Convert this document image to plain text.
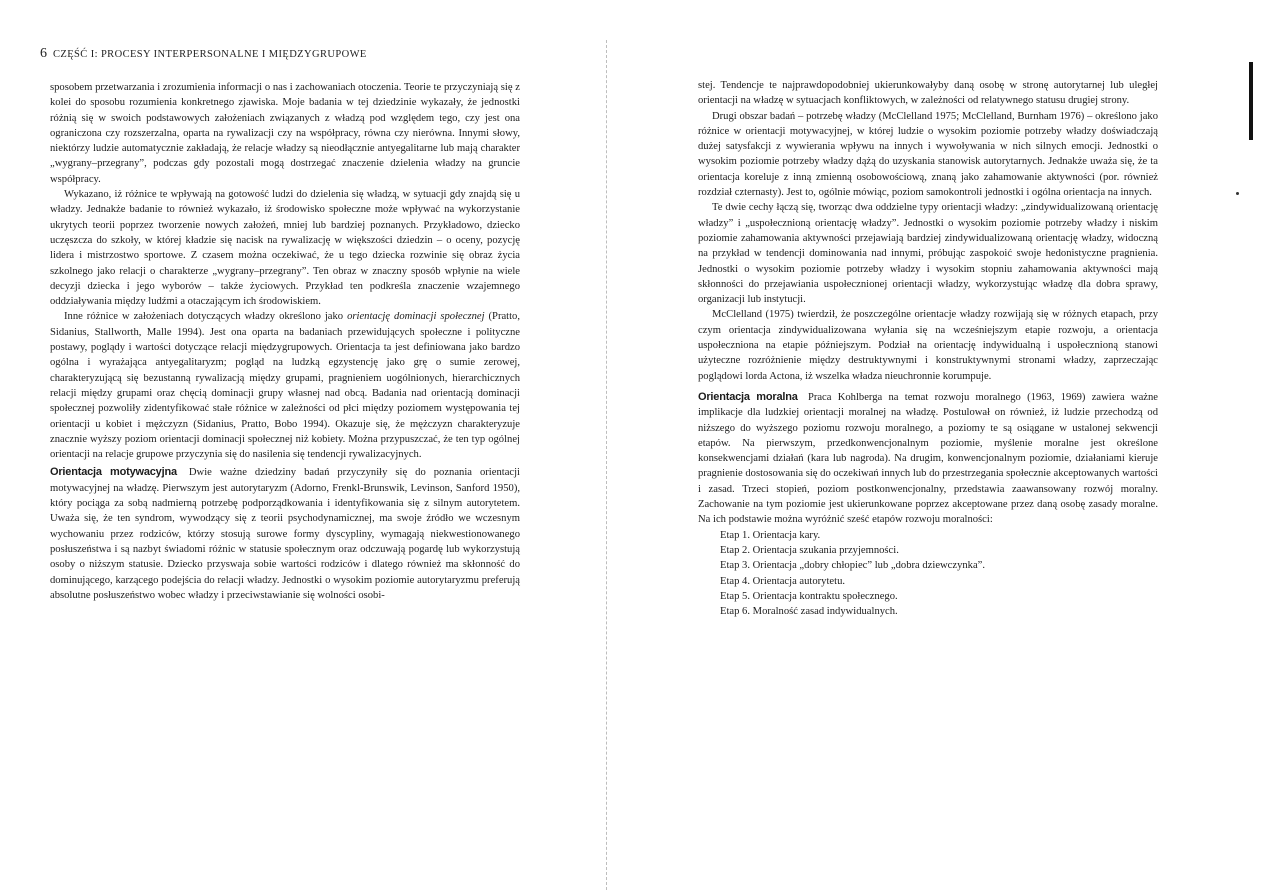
6 CZĘŚĆ I: PROCESY INTERPERSONALNE I MIĘDZYGRUPOWE

sposobem przetwarzania i zrozumienia informacji o nas i zachowaniach otoczenia. Teorie te przyczyniają się z kolei do sposobu rozumienia konkretnego zjawiska. Moje badania w tej dziedzinie wykazały, że jednostki różnią się w swoich podstawowych założeniach związanych z władzą pod względem tego, czy jest ona ograniczona czy rozszerzalna, oparta na rywalizacji czy na współpracy, równa czy nierówna. Innymi słowy, niektórzy ludzie automatycznie zakładają, że relacje władzy są nieodłącznie antyegalitarne lub mają charakter „wygrany–przegrany”, podczas gdy pozostali mogą dostrzegać znaczenie dzielenia władzy na gruncie współpracy.

Wykazano, iż różnice te wpływają na gotowość ludzi do dzielenia się władzą, w sytuacji gdy znajdą się u władzy. Jednakże badanie to również wykazało, iż środowisko społeczne może wpływać na wykorzystanie ukrytych teorii poprzez tworzenie nowych założeń, mniej lub bardziej poznanych. Przykładowo, dziecko uczęszcza do szkoły, w której kładzie się nacisk na rywalizację w większości dziedzin – o oceny, pozycję lidera i mistrzostwo sportowe. Z czasem można oczekiwać, że u tego dziecka rozwinie się obraz życia szkolnego jako relacji o charakterze „wygrany–przegrany”. Ten obraz w znaczny sposób wpłynie na wiele decyzji dziecka i jego wyborów – także życiowych. Przykład ten podkreśla znaczenie wzajemnego oddziaływania między ludźmi a otaczającym ich środowiskiem.

Inne różnice w założeniach dotyczących władzy określono jako orientację dominacji społecznej (Pratto, Sidanius, Stallworth, Malle 1994). Jest ona oparta na badaniach przewidujących społeczne i polityczne postawy, poglądy i wartości dotyczące relacji międzygrupowych. Orientacja ta jest definiowana jako bardzo ogólna i wyrażająca antyegalitaryzm; pogląd na ludzką egzystencję jako grę o sumie zerowej, charakteryzującą się bezustanną rywalizacją między grupami, pragnieniem uogólnionych, hierarchicznych relacji między grupami oraz chęcią dominacji grupy własnej nad obcą. Badania nad orientacją dominacji społecznej pozwoliły zidentyfikować stałe różnice w zależności od płci między poziomem występowania tej orientacji u kobiet i mężczyzn (Sidanius, Pratto, Bobo 1994). Okazuje się, że mężczyzn charakteryzuje znacznie wyższy poziom orientacji dominacji społecznej niż kobiety. Można przypuszczać, że ten typ ogólnej orientacji na relacje grupowe przyczynia się do nasilenia się tendencji rywalizacyjnych.

Orientacja motywacyjna Dwie ważne dziedziny badań przyczyniły się do poznania orientacji motywacyjnej na władzę. Pierwszym jest autorytaryzm (Adorno, Frenkl-Brunswik, Levinson, Sanford 1950), który pociąga za sobą nadmierną potrzebę podporządkowania i identyfikowania się z silnym autorytetem. Uważa się, że ten syndrom, wywodzący się z teorii psychodynamicznej, ma swoje źródło we wczesnym wychowaniu przez rodziców, którzy stosują surowe formy dyscypliny, wymagają niekwestionowanego posłuszeństwa i są nazbyt świadomi różnic w statusie społecznym oraz odczuwają pogardę lub wykorzystują osoby o niższym statusie. Dziecko przyswaja sobie wartości rodziców i dlatego również ma skłonność do dominującego, karzącego podejścia do relacji władzy. Jednostki o wysokim poziomie autorytaryzmu preferują absolutne posłuszeństwo wobec władzy i przeciwstawianie się wolności osobi-

stej. Tendencje te najprawdopodobniej ukierunkowałyby daną osobę w stronę autorytarnej lub uległej orientacji na władzę w sytuacjach konfliktowych, w zależności od relatywnego statusu drugiej strony.

Drugi obszar badań – potrzebę władzy (McClelland 1975; McClelland, Burnham 1976) – określono jako różnice w orientacji motywacyjnej, w której ludzie o wysokim poziomie potrzeby władzy doświadczają dużej satysfakcji z wywierania wpływu na innych i wywoływania w nich silnych emocji. Jednostki o wysokim poziomie potrzeby władzy dążą do uzyskania stanowisk autorytarnych. Jednakże uważa się, że ta orientacja koreluje z inną zmienną osobowościową, znaną jako zahamowanie aktywności (por. również rozdział czternasty). Jest to, ogólnie mówiąc, poziom samokontroli jednostki i ogólna orientacja na innych.

Te dwie cechy łączą się, tworząc dwa oddzielne typy orientacji władzy: „zindywidualizowaną orientację władzy” i „uspołecznioną orientację władzy”. Jednostki o wysokim poziomie potrzeby władzy i niskim poziomie zahamowania aktywności przejawiają bardziej zindywidualizowaną orientację władzy, widoczną na przykład w tendencji dominowania nad innymi, próbując zaspokoić swoje hedonistyczne pragnienia. Jednostki o wysokim poziomie potrzeby władzy i wysokim stopniu zahamowania aktywności mają skłonności do przejawiania uspołecznionej orientacji władzy, wykorzystując władzę dla dobra sprawy, organizacji lub instytucji.

McClelland (1975) twierdził, że poszczególne orientacje władzy rozwijają się w różnych etapach, przy czym orientacja zindywidualizowana wyłania się na wcześniejszym etapie rozwoju, a orientacja uspołeczniona na etapie późniejszym. Podział na orientację indywidualną i uspołecznioną stanowi użyteczne rozróżnienie między destruktywnymi i konstruktywnymi stronami władzy, zaprzeczając poglądowi lorda Actona, iż wszelka władza nieuchronnie korumpuje.

Orientacja moralna Praca Kohlberga na temat rozwoju moralnego (1963, 1969) zawiera ważne implikacje dla ludzkiej orientacji moralnej na władzę. Postulował on również, iż ludzie przechodzą od niższego do wyższego poziomu rozwoju moralnego, a poziomy te są osiągane w ustalonej sekwencji etapów. Na pierwszym, przedkonwencjonalnym poziomie, myślenie moralne jest określone konsekwencjami działań (kara lub nagroda). Na drugim, konwencjonalnym poziomie, działaniami kieruje pragnienie dostosowania się do oczekiwań innych lub do przestrzegania społecznie akceptowanych wartości i zasad. Trzeci stopień, poziom postkonwencjonalny, przedstawia zaawansowany rozwój moralny. Zachowanie na tym poziomie jest ukierunkowane poprzez akceptowane przez daną osobę zasady moralne. Na ich podstawie można wyróżnić sześć etapów rozwoju moralności:

Etap 1. Orientacja kary.
Etap 2. Orientacja szukania przyjemności.
Etap 3. Orientacja „dobry chłopiec” lub „dobra dziewczynka”.
Etap 4. Orientacja autorytetu.
Etap 5. Orientacja kontraktu społecznego.
Etap 6. Moralność zasad indywidualnych.
